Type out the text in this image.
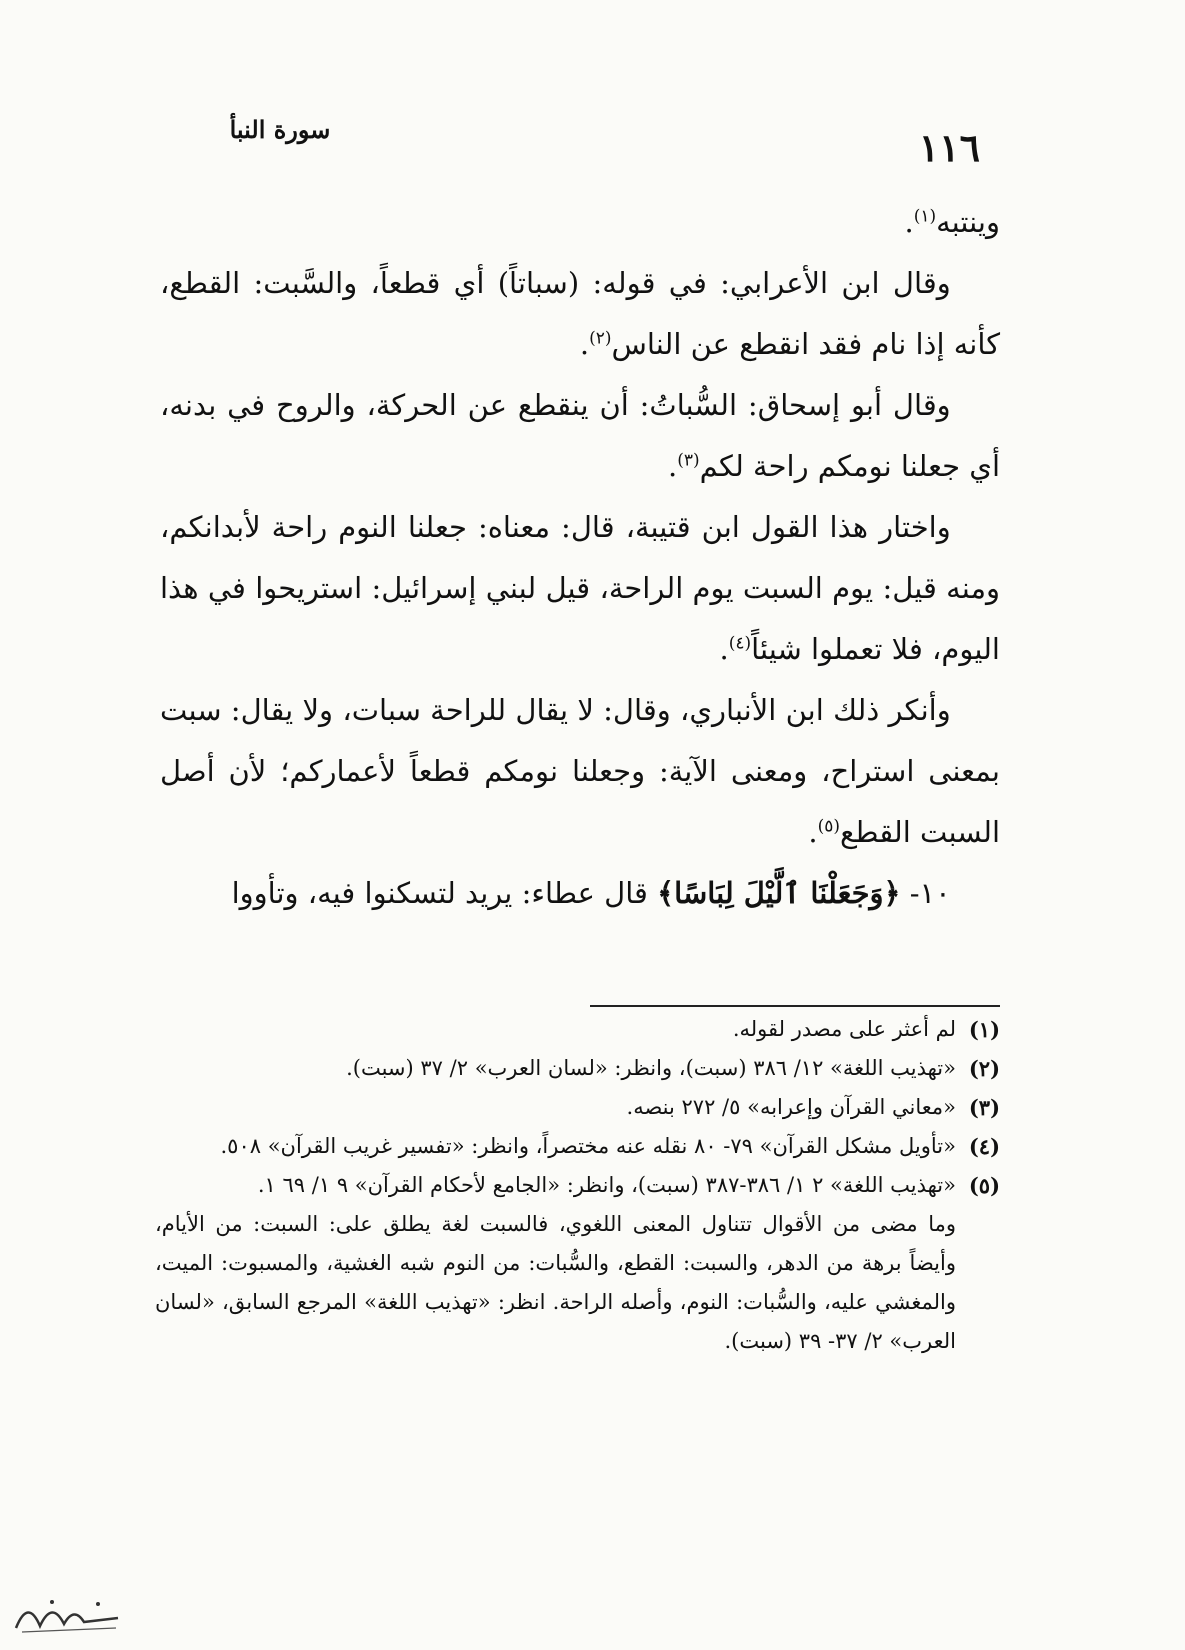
سورة النبأ	١١٦

وينتبه$^{(١)}$.

وقال ابن الأعرابي: في قوله: (سباتاً) أي قطعاً، والسَّبت: القطع، كأنه إذا نام فقد انقطع عن الناس$^{(٢)}$.

وقال أبو إسحاق: السُّباتُ: أن ينقطع عن الحركة، والروح في بدنه، أي جعلنا نومكم راحة لكم$^{(٣)}$.

واختار هذا القول ابن قتيبة، قال: معناه: جعلنا النوم راحة لأبدانكم، ومنه قيل: يوم السبت يوم الراحة، قيل لبني إسرائيل: استريحوا في هذا اليوم، فلا تعملوا شيئاً$^{(٤)}$.

وأنكر ذلك ابن الأنباري، وقال: لا يقال للراحة سبات، ولا يقال: سبت بمعنى استراح، ومعنى الآية: وجعلنا نومكم قطعاً لأعماركم؛ لأن أصل السبت القطع$^{(٥)}$.

١٠- ﴿وَجَعَلْنَا ٱلَّيْلَ لِبَاسًا﴾ قال عطاء: يريد لتسكنوا فيه، وتأووا

(١)
لم أعثر على مصدر لقوله.
(٢)
«تهذيب اللغة» ١٢/ ٣٨٦ (سبت)، وانظر: «لسان العرب» ٢/ ٣٧ (سبت).
(٣)
«معاني القرآن وإعرابه» ٥/ ٢٧٢ بنصه.
(٤)
«تأويل مشكل القرآن» ٧٩- ٨٠ نقله عنه مختصراً، وانظر: «تفسير غريب القرآن» ٥٠٨.
(٥)
«تهذيب اللغة» ٢ ١/ ٣٨٦-٣٨٧ (سبت)، وانظر: «الجامع لأحكام القرآن» ٩ ١/ ٦٩ ١.

وما مضى من الأقوال تتناول المعنى اللغوي، فالسبت لغة يطلق على: السبت: من الأيام، وأيضاً برهة من الدهر، والسبت: القطع، والسُّبات: من النوم شبه الغشية، والمسبوت: الميت، والمغشي عليه، والسُّبات: النوم، وأصله الراحة. انظر: «تهذيب اللغة» المرجع السابق، «لسان العرب» ٢/ ٣٧- ٣٩ (سبت).
